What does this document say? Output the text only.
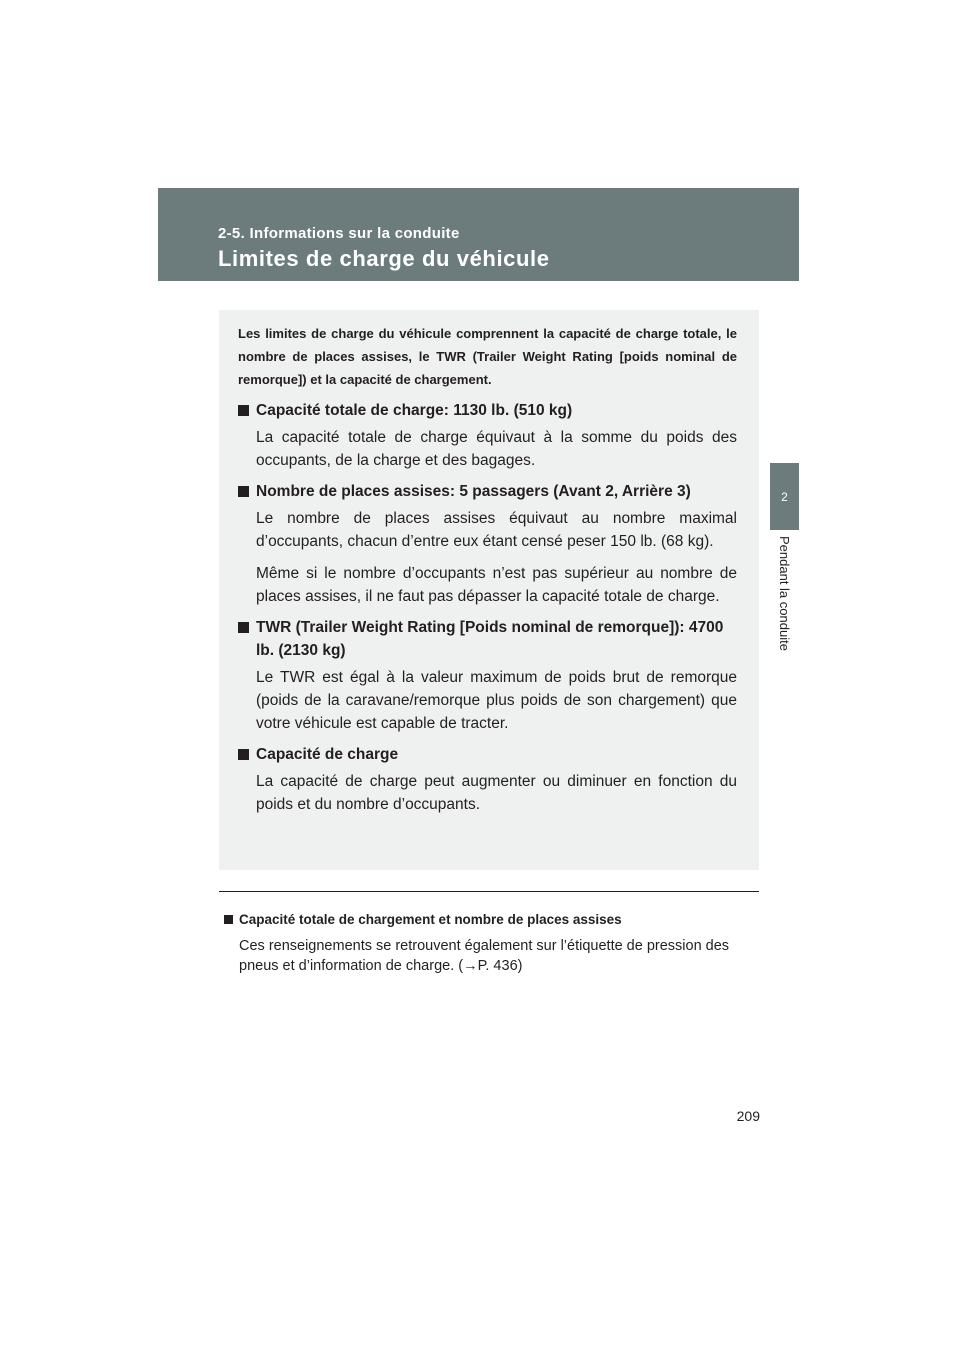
2-5. Informations sur la conduite
Limites de charge du véhicule
2
Pendant la conduite

Les limites de charge du véhicule comprennent la capacité de charge totale, le nombre de places assises, le TWR (Trailer Weight Rating [poids nominal de remorque]) et la capacité de chargement.

Capacité totale de charge: 1130 lb. (510 kg)

La capacité totale de charge équivaut à la somme du poids des occupants, de la charge et des bagages.

Nombre de places assises: 5 passagers (Avant 2, Arrière 3)

Le nombre de places assises équivaut au nombre maximal d’occupants, chacun d’entre eux étant censé peser 150 lb. (68 kg).

Même si le nombre d’occupants n’est pas supérieur au nombre de places assises, il ne faut pas dépasser la capacité totale de charge.

TWR (Trailer Weight Rating [Poids nominal de remorque]): 4700 lb. (2130 kg)

Le TWR est égal à la valeur maximum de poids brut de remorque (poids de la caravane/remorque plus poids de son chargement) que votre véhicule est capable de tracter.

Capacité de charge

La capacité de charge peut augmenter ou diminuer en fonction du poids et du nombre d’occupants.

Capacité totale de chargement et nombre de places assises

Ces renseignements se retrouvent également sur l’étiquette de pression des pneus et d’information de charge. (→P. 436)

209
